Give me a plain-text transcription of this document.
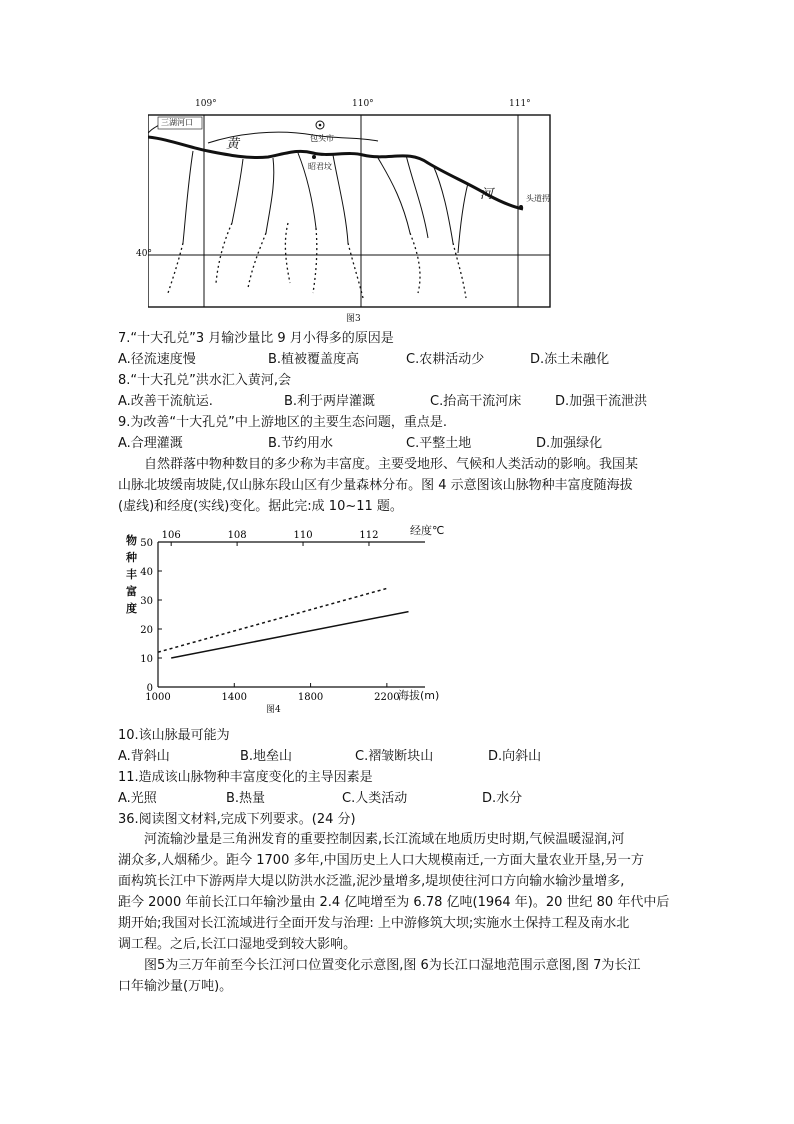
109°	110°	111°
40°
三湖河口
包头市
昭君坟
头道拐
黄
河
图3
7.“十大孔兑”3 月输沙量比 9 月小得多的原因是
A.径流速度慢	B.植被覆盖度高	C.农耕活动少	D.冻土未融化
8.“十大孔兑”洪水汇入黄河,会
A.改善干流航运.	B.利于两岸灌溉	C.抬高干流河床	D.加强干流泄洪
9.为改善“十大孔兑”中上游地区的主要生态问题，重点是.
A.合理灌溉	B.节约用水	C.平整土地	D.加强绿化

自然群落中物种数目的多少称为丰富度。主要受地形、气候和人类活动的影响。我国某

山脉北坡缓南坡陡,仅山脉东段山区有少量森林分布。图 4 示意图该山脉物种丰富度随海拔

(虚线)和经度(实线)变化。据此完:成 10~11 题。

0
10
20
30
40
50
1000	1400	1800	2200
106	108	110	112
物种丰富度
经度℃
海拔(m)
图4
10.该山脉最可能为
A.背斜山	B.地垒山	C.褶皱断块山	D.向斜山
11.造成该山脉物种丰富度变化的主导因素是
A.光照	B.热量	C.人类活动	D.水分
36.阅读图文材料,完成下列要求。(24 分)

河流输沙量是三角洲发育的重要控制因素,长江流域在地质历史时期,气候温暖湿润,河

湖众多,人烟稀少。距今 1700 多年,中国历史上人口大规模南迁,一方面大量农业开垦,另一方

面构筑长江中下游两岸大堤以防洪水泛滥,泥沙量增多,堤坝使往河口方向输水输沙量增多,

距今 2000 年前长江口年输沙量由 2.4 亿吨增至为 6.78 亿吨(1964 年)。20 世纪 80 年代中后

期开始;我国对长江流域进行全面开发与治理: 上中游修筑大坝;实施水土保持工程及南水北

调工程。之后,长江口湿地受到较大影响。

图5为三万年前至今长江河口位置变化示意图,图 6为长江口湿地范围示意图,图 7为长江

口年输沙量(万吨)。
